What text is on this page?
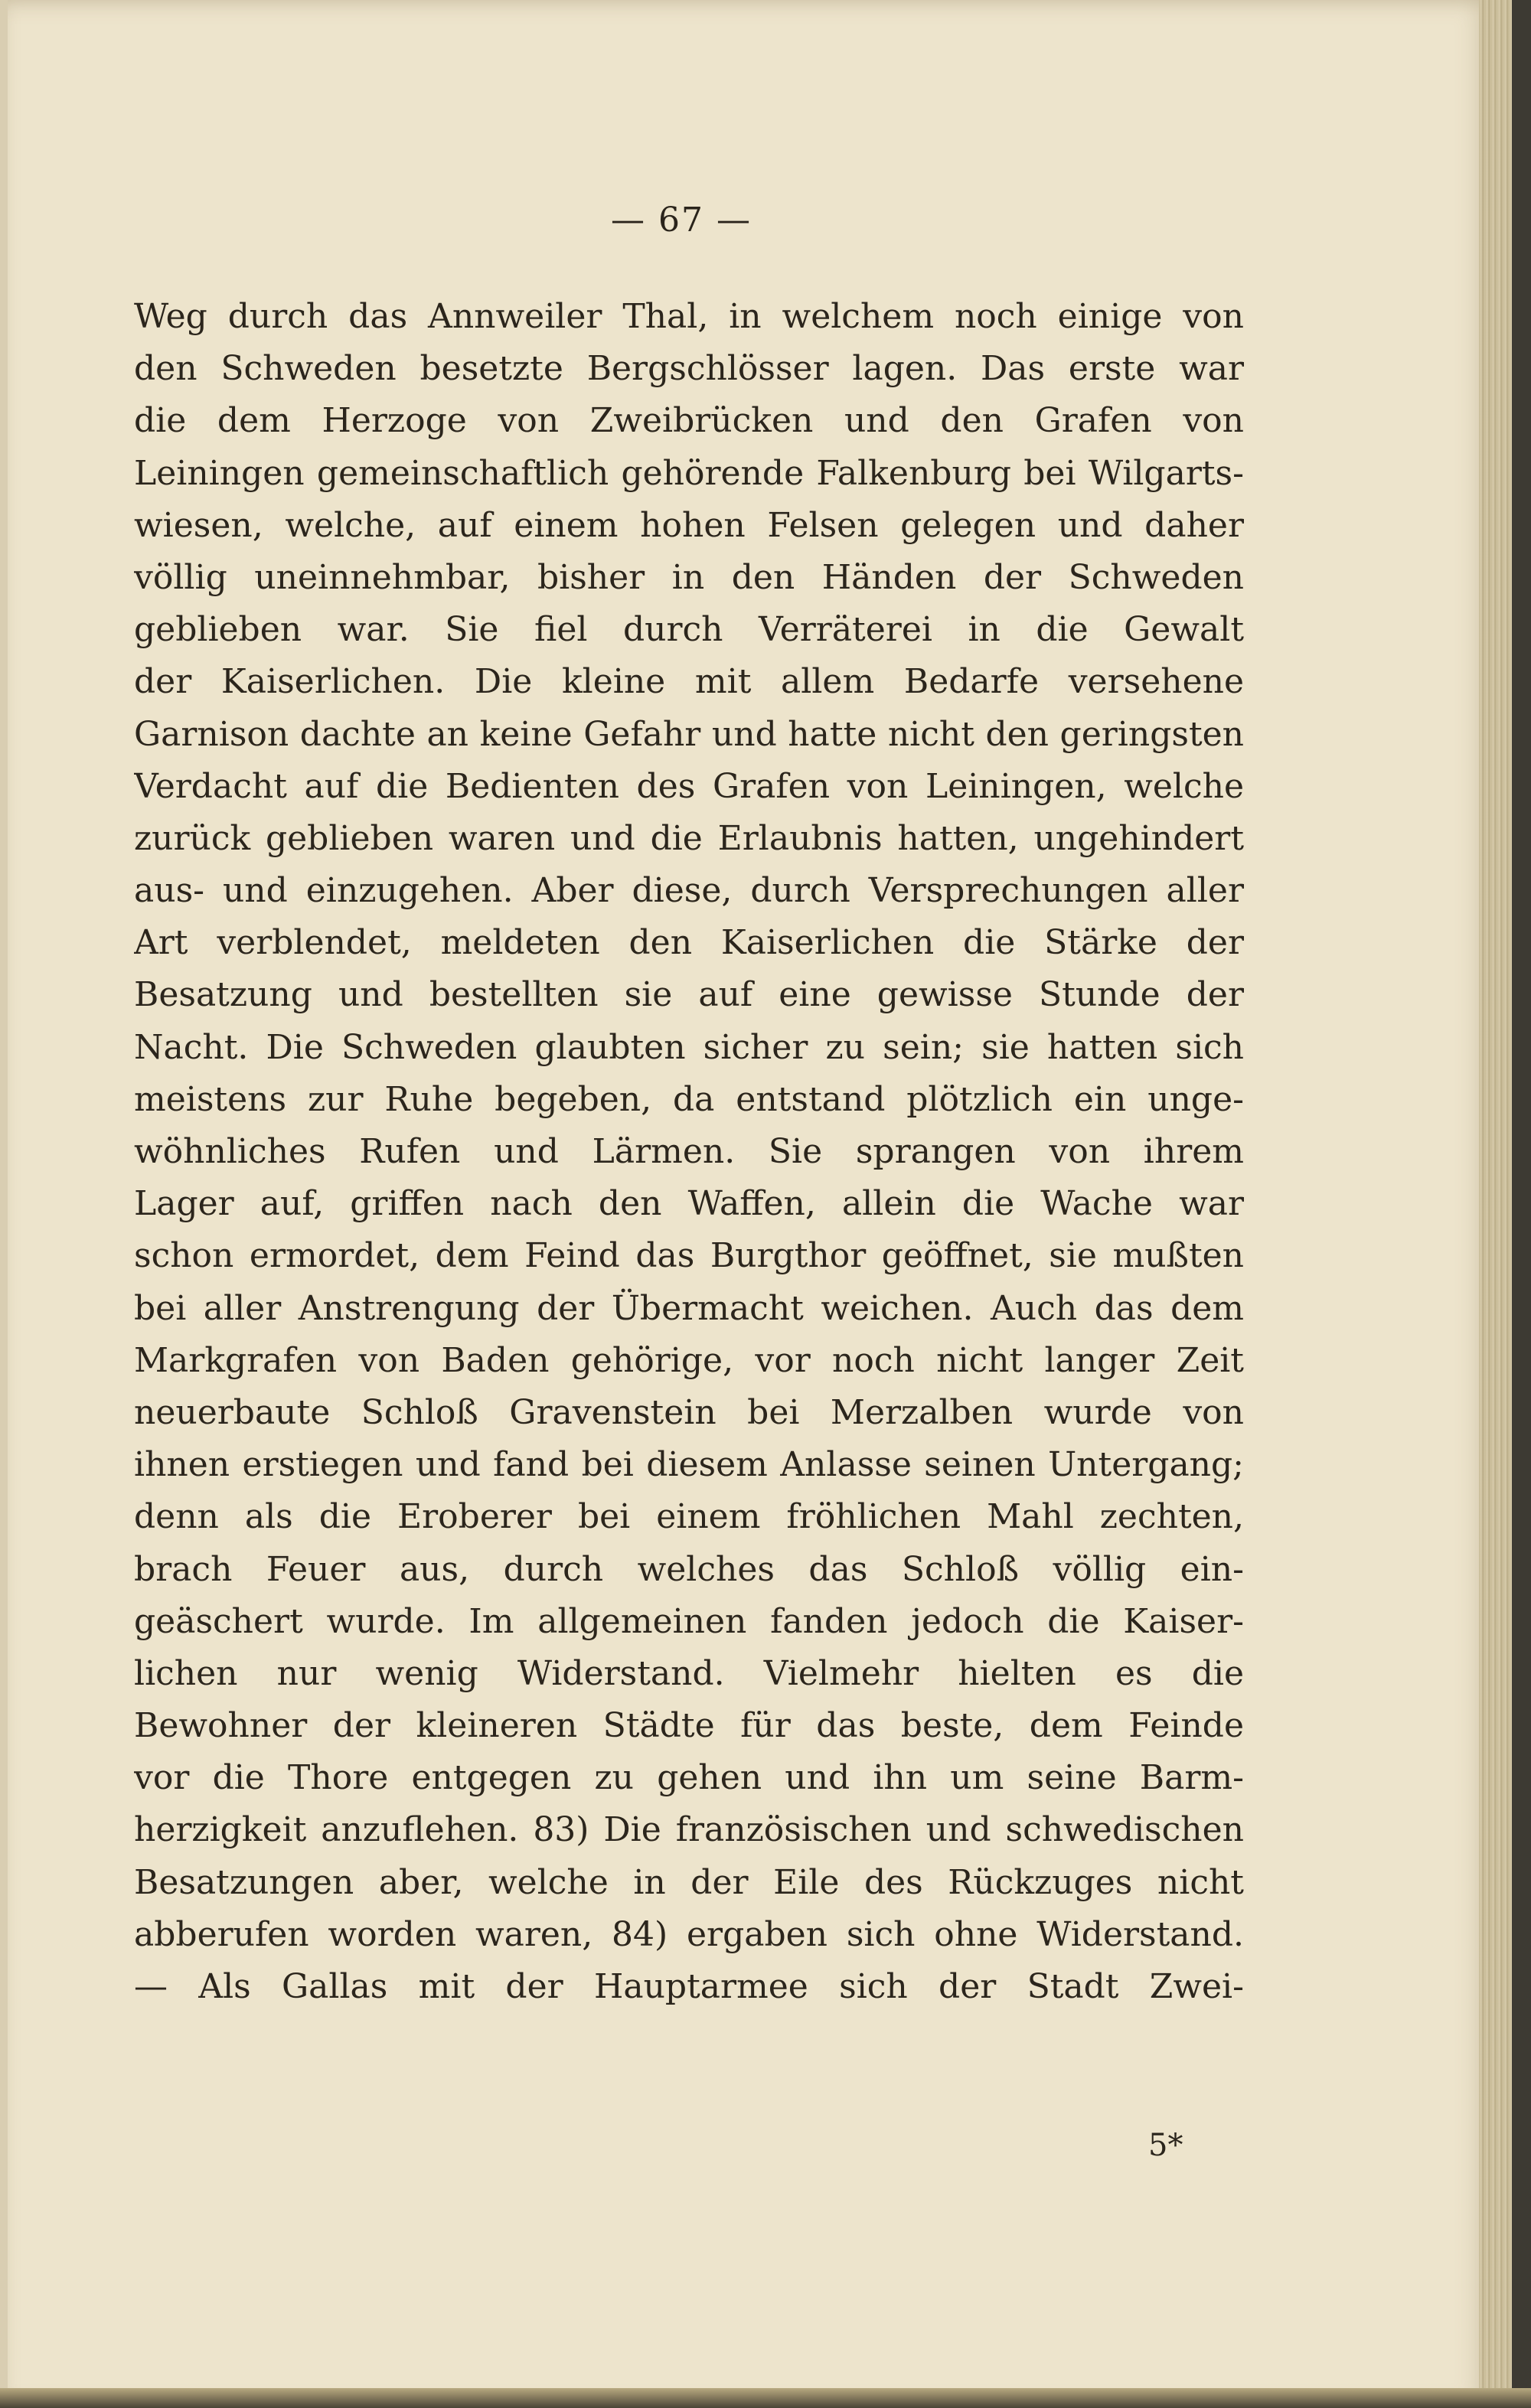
— 67 —
Weg durch das Annweiler Thal, in welchem noch einige von
den Schweden besetzte Bergschlösser lagen. Das erste war
die dem Herzoge von Zweibrücken und den Grafen von
Leiningen gemeinschaftlich gehörende Falkenburg bei Wilgarts-
wiesen, welche, auf einem hohen Felsen gelegen und daher
völlig uneinnehmbar, bisher in den Händen der Schweden
geblieben war. Sie fiel durch Verräterei in die Gewalt
der Kaiserlichen. Die kleine mit allem Bedarfe versehene
Garnison dachte an keine Gefahr und hatte nicht den geringsten
Verdacht auf die Bedienten des Grafen von Leiningen, welche
zurück geblieben waren und die Erlaubnis hatten, ungehindert
aus- und einzugehen. Aber diese, durch Versprechungen aller
Art verblendet, meldeten den Kaiserlichen die Stärke der
Besatzung und bestellten sie auf eine gewisse Stunde der
Nacht. Die Schweden glaubten sicher zu sein; sie hatten sich
meistens zur Ruhe begeben, da entstand plötzlich ein unge-
wöhnliches Rufen und Lärmen. Sie sprangen von ihrem
Lager auf, griffen nach den Waffen, allein die Wache war
schon ermordet, dem Feind das Burgthor geöffnet, sie mußten
bei aller Anstrengung der Übermacht weichen. Auch das dem
Markgrafen von Baden gehörige, vor noch nicht langer Zeit
neuerbaute Schloß Gravenstein bei Merzalben wurde von
ihnen erstiegen und fand bei diesem Anlasse seinen Untergang;
denn als die Eroberer bei einem fröhlichen Mahl zechten,
brach Feuer aus, durch welches das Schloß völlig ein-
geäschert wurde. Im allgemeinen fanden jedoch die Kaiser-
lichen nur wenig Widerstand. Vielmehr hielten es die
Bewohner der kleineren Städte für das beste, dem Feinde
vor die Thore entgegen zu gehen und ihn um seine Barm-
herzigkeit anzuflehen. 83) Die französischen und schwedischen
Besatzungen aber, welche in der Eile des Rückzuges nicht
abberufen worden waren, 84) ergaben sich ohne Widerstand.
— Als Gallas mit der Hauptarmee sich der Stadt Zwei-
5*
